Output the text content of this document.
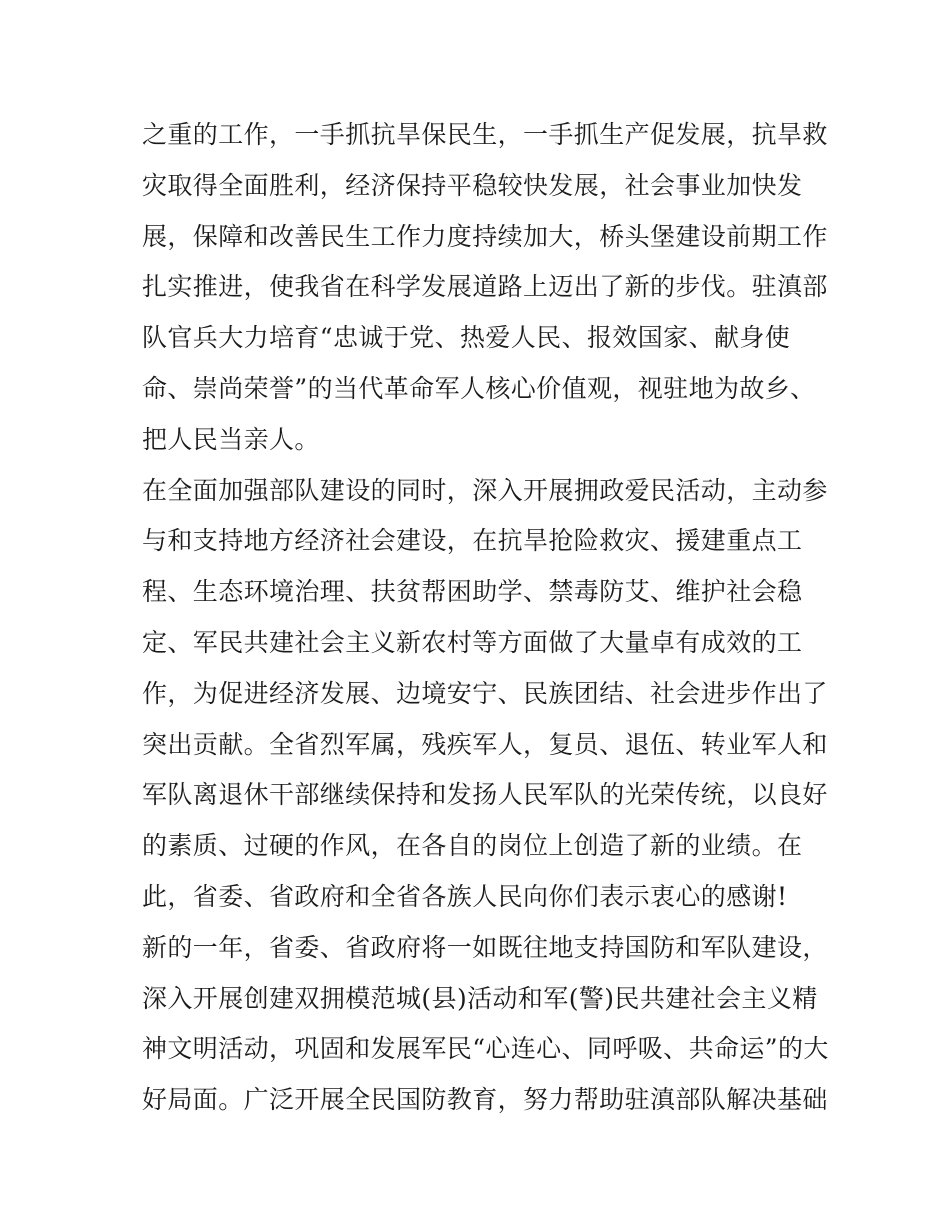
之重的工作，一手抓抗旱保民生，一手抓生产促发展，抗旱救
灾取得全面胜利，经济保持平稳较快发展，社会事业加快发
展，保障和改善民生工作力度持续加大，桥头堡建设前期工作
扎实推进，使我省在科学发展道路上迈出了新的步伐。驻滇部
队官兵大力培育“忠诚于党、热爱人民、报效国家、献身使
命、崇尚荣誉”的当代革命军人核心价值观，视驻地为故乡、
把人民当亲人。
在全面加强部队建设的同时，深入开展拥政爱民活动，主动参
与和支持地方经济社会建设，在抗旱抢险救灾、援建重点工
程、生态环境治理、扶贫帮困助学、禁毒防艾、维护社会稳
定、军民共建社会主义新农村等方面做了大量卓有成效的工
作，为促进经济发展、边境安宁、民族团结、社会进步作出了
突出贡献。全省烈军属，残疾军人，复员、退伍、转业军人和
军队离退休干部继续保持和发扬人民军队的光荣传统，以良好
的素质、过硬的作风，在各自的岗位上创造了新的业绩。在
此，省委、省政府和全省各族人民向你们表示衷心的感谢!
新的一年，省委、省政府将一如既往地支持国防和军队建设，
深入开展创建双拥模范城(县)活动和军(警)民共建社会主义精
神文明活动，巩固和发展军民“心连心、同呼吸、共命运”的大
好局面。广泛开展全民国防教育，努力帮助驻滇部队解决基础
